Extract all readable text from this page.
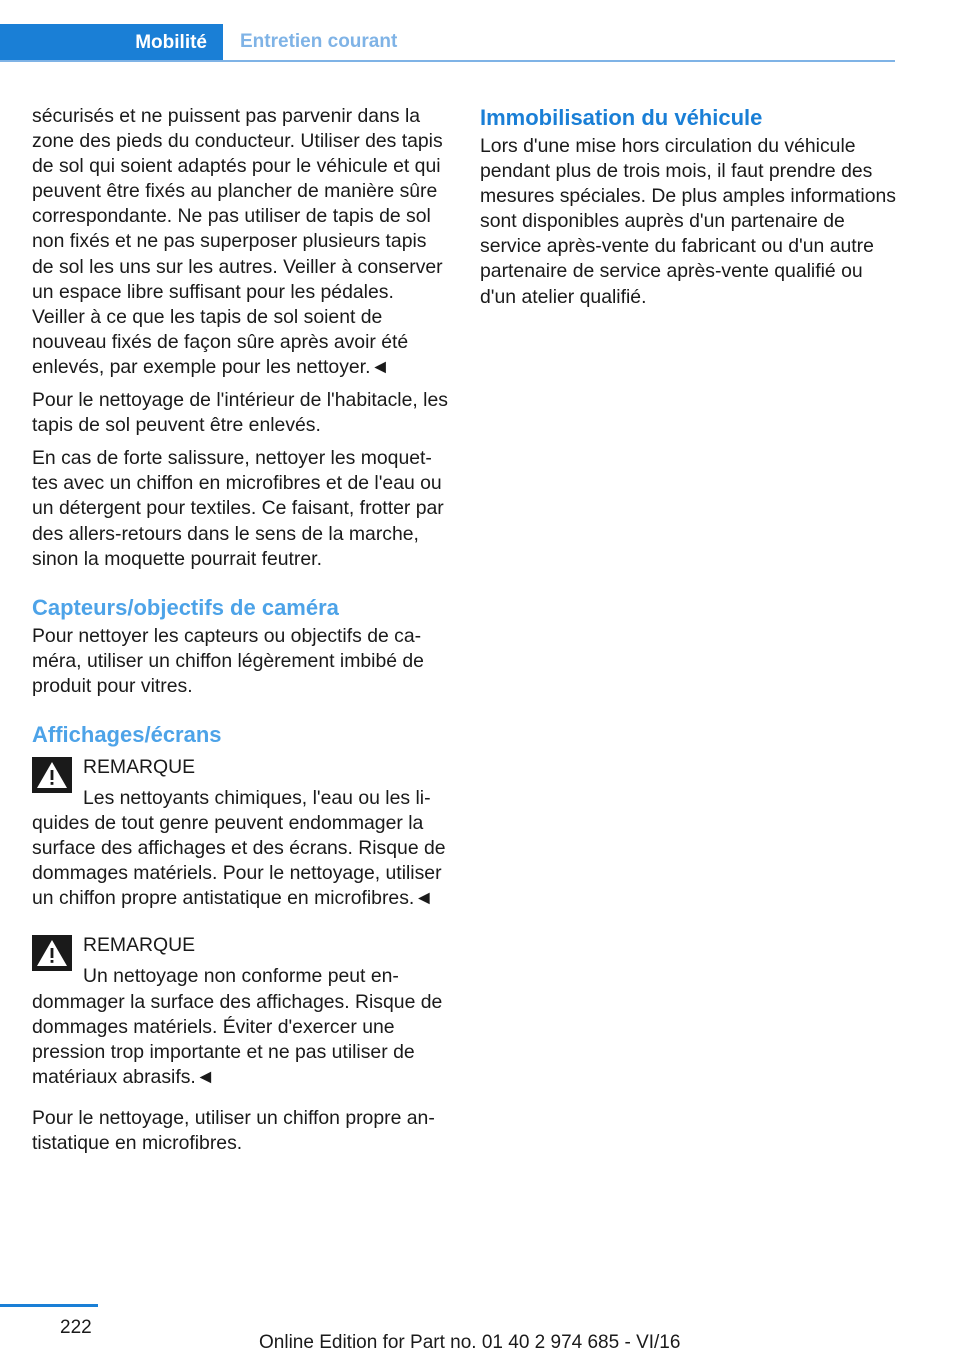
Mobilité Entretien courant

sécurisés et ne puissent pas parvenir dans la zone des pieds du conducteur. Utiliser des tapis de sol qui soient adaptés pour le véhicule et qui peuvent être fixés au plancher de manière sûre correspondante. Ne pas utiliser de tapis de sol non fixés et ne pas superposer plusieurs tapis de sol les uns sur les autres. Veiller à conserver un espace libre suffisant pour les pédales. Veiller à ce que les tapis de sol soient de nouveau fixés de façon sûre après avoir été enlevés, par exemple pour les nettoyer.◄

Pour le nettoyage de l'intérieur de l'habitacle, les tapis de sol peuvent être enlevés.

En cas de forte salissure, nettoyer les moquettes avec un chiffon en microfibres et de l'eau ou un détergent pour textiles. Ce faisant, frotter par des allers-retours dans le sens de la marche, sinon la moquette pourrait feutrer.

Capteurs/objectifs de caméra

Pour nettoyer les capteurs ou objectifs de caméra, utiliser un chiffon légèrement imbibé de produit pour vitres.

Affichages/écrans
REMARQUE

Les nettoyants chimiques, l'eau ou les liquides de tout genre peuvent endommager la surface des affichages et des écrans. Risque de dommages matériels. Pour le nettoyage, utiliser un chiffon propre antistatique en microfibres.◄

REMARQUE

Un nettoyage non conforme peut endommager la surface des affichages. Risque de dommages matériels. Éviter d'exercer une pression trop importante et ne pas utiliser de matériaux abrasifs.◄

Pour le nettoyage, utiliser un chiffon propre antistatique en microfibres.

Immobilisation du véhicule

Lors d'une mise hors circulation du véhicule pendant plus de trois mois, il faut prendre des mesures spéciales. De plus amples informations sont disponibles auprès d'un partenaire de service après-vente du fabricant ou d'un autre partenaire de service après-vente qualifié ou d'un atelier qualifié.

222
Online Edition for Part no. 01 40 2 974 685 - VI/16
